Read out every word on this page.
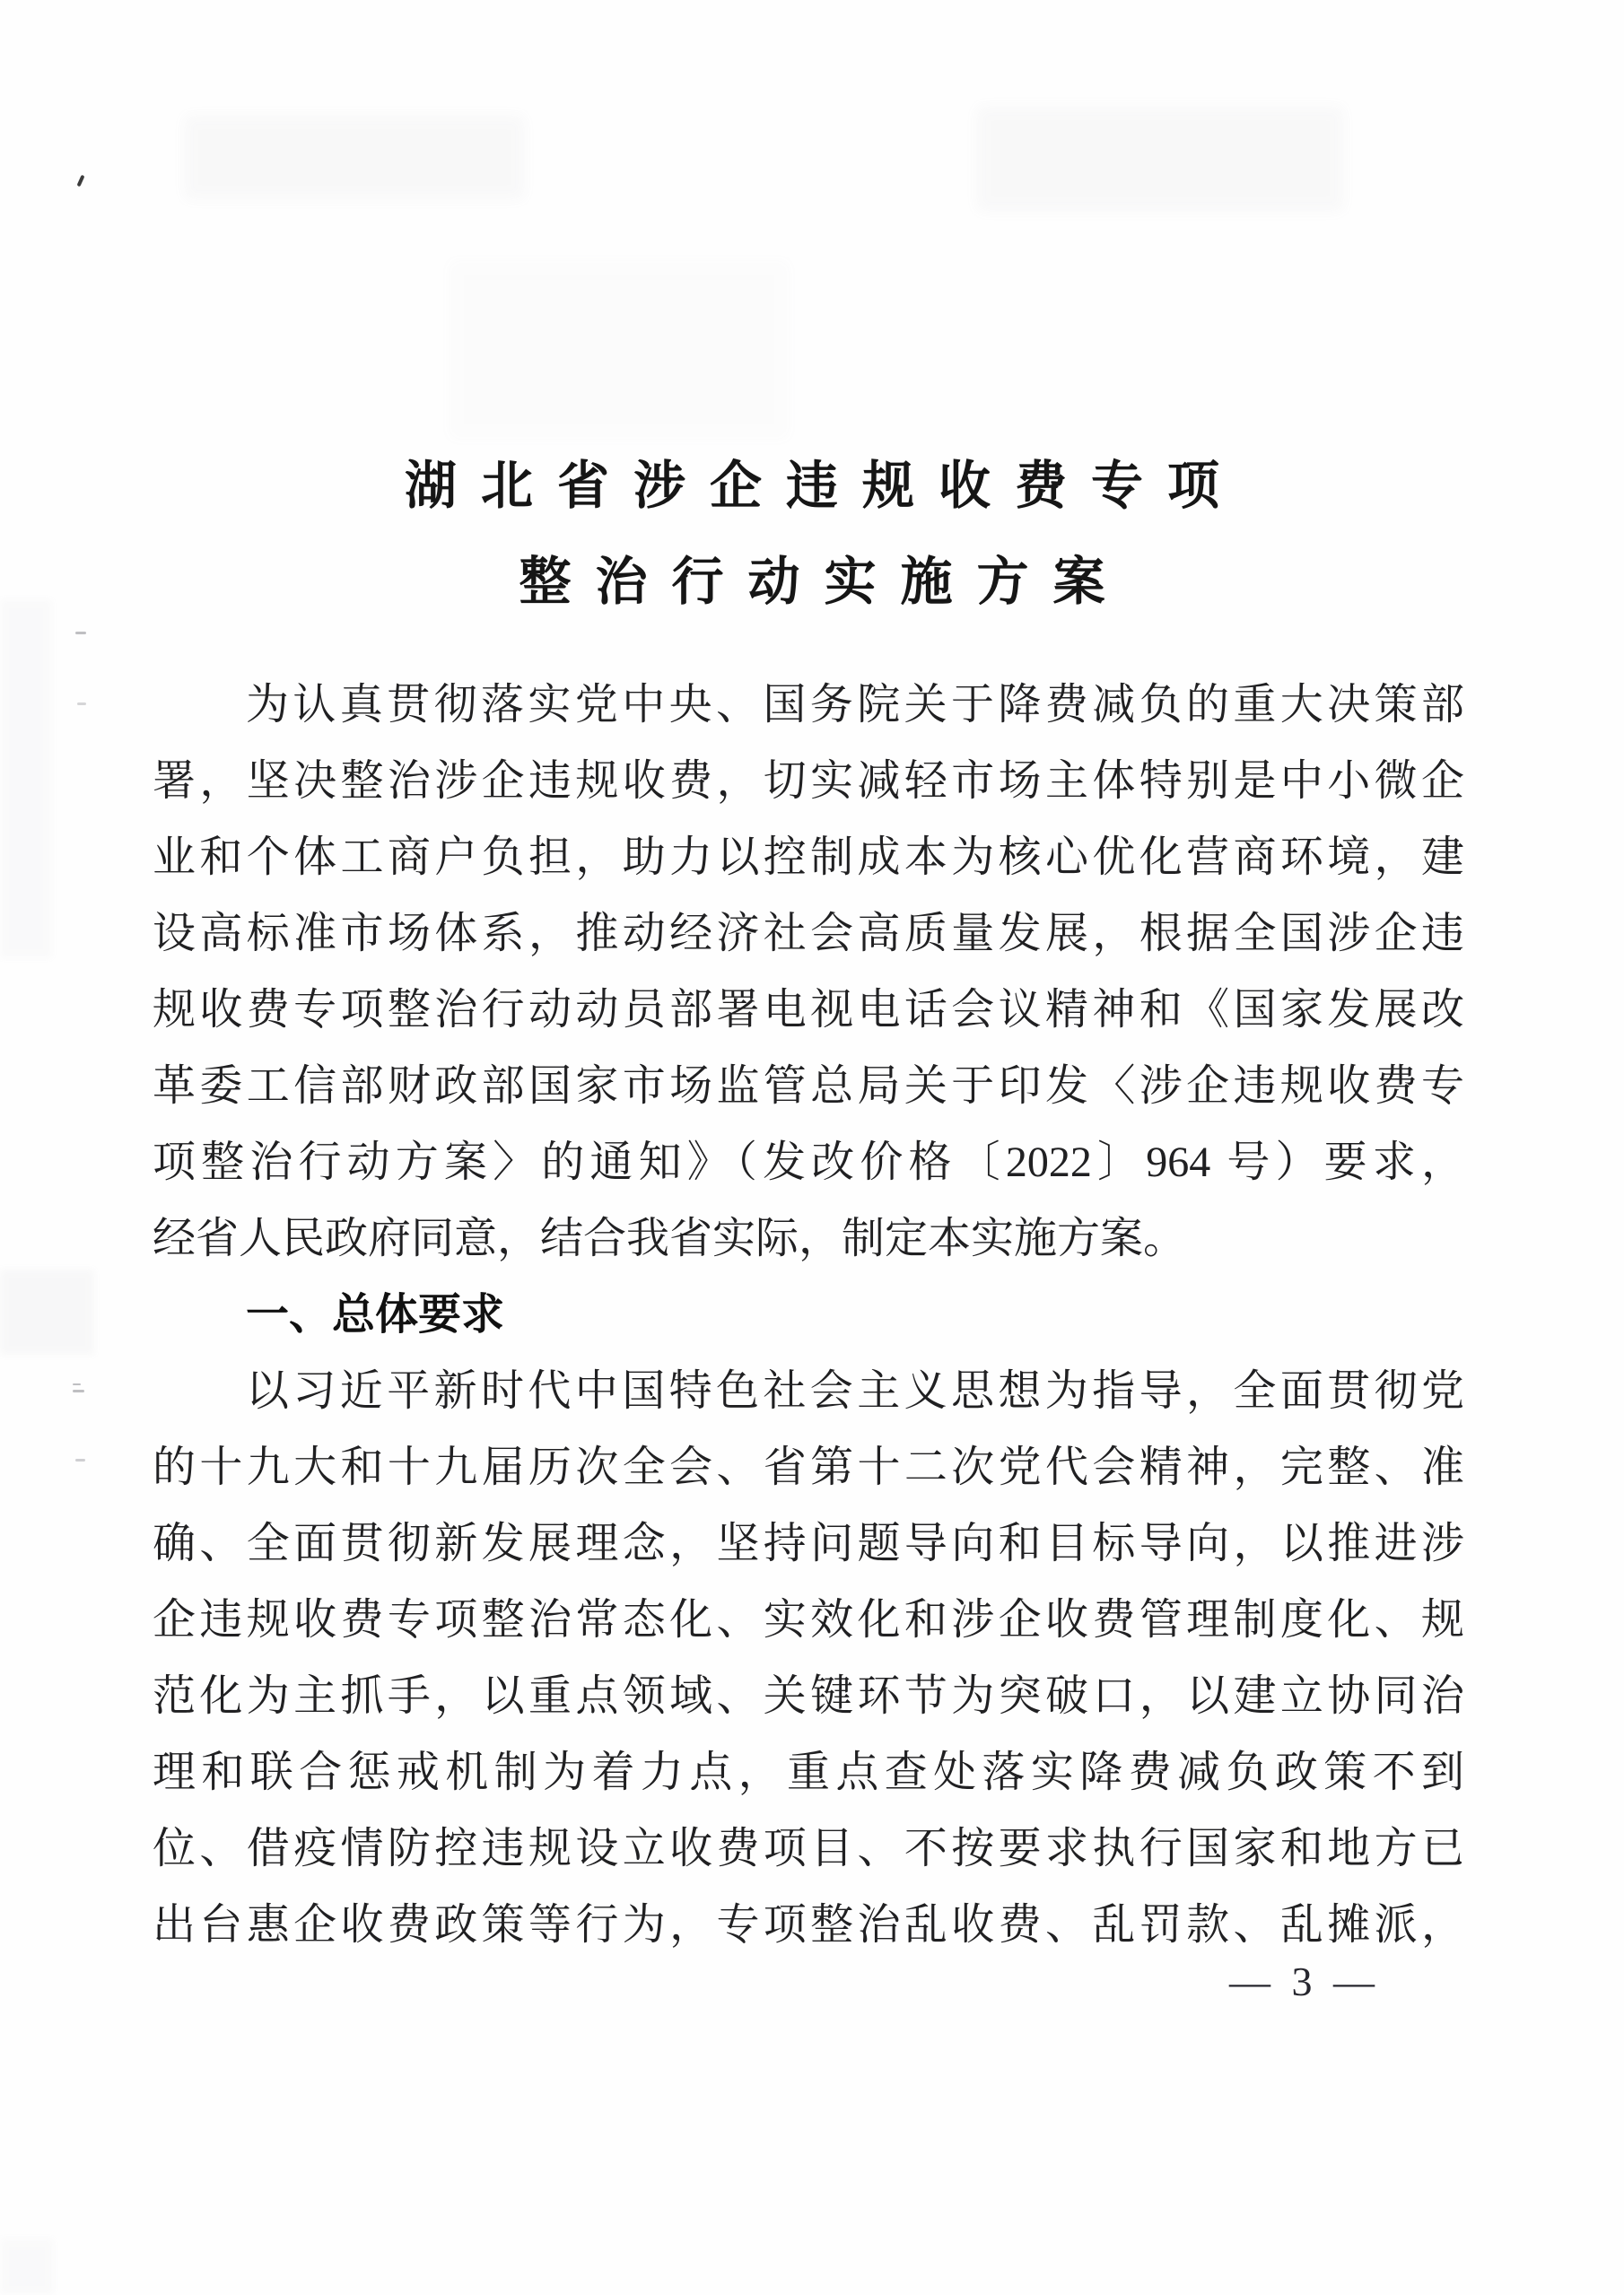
湖北省涉企违规收费专项
整治行动实施方案
为认真贯彻落实党中央、国务院关于降费减负的重大决策部
署，坚决整治涉企违规收费，切实减轻市场主体特别是中小微企
业和个体工商户负担，助力以控制成本为核心优化营商环境，建
设高标准市场体系，推动经济社会高质量发展，根据全国涉企违
规收费专项整治行动动员部署电视电话会议精神和《国家发展改
革委工信部财政部国家市场监管总局关于印发〈涉企违规收费专
项整治行动方案〉的通知》（发改价格〔2022〕964 号）要求，
经省人民政府同意，结合我省实际，制定本实施方案。
一、总体要求
以习近平新时代中国特色社会主义思想为指导，全面贯彻党
的十九大和十九届历次全会、省第十二次党代会精神，完整、准
确、全面贯彻新发展理念，坚持问题导向和目标导向，以推进涉
企违规收费专项整治常态化、实效化和涉企收费管理制度化、规
范化为主抓手，以重点领域、关键环节为突破口，以建立协同治
理和联合惩戒机制为着力点，重点查处落实降费减负政策不到
位、借疫情防控违规设立收费项目、不按要求执行国家和地方已
出台惠企收费政策等行为，专项整治乱收费、乱罚款、乱摊派，
— 3 —
